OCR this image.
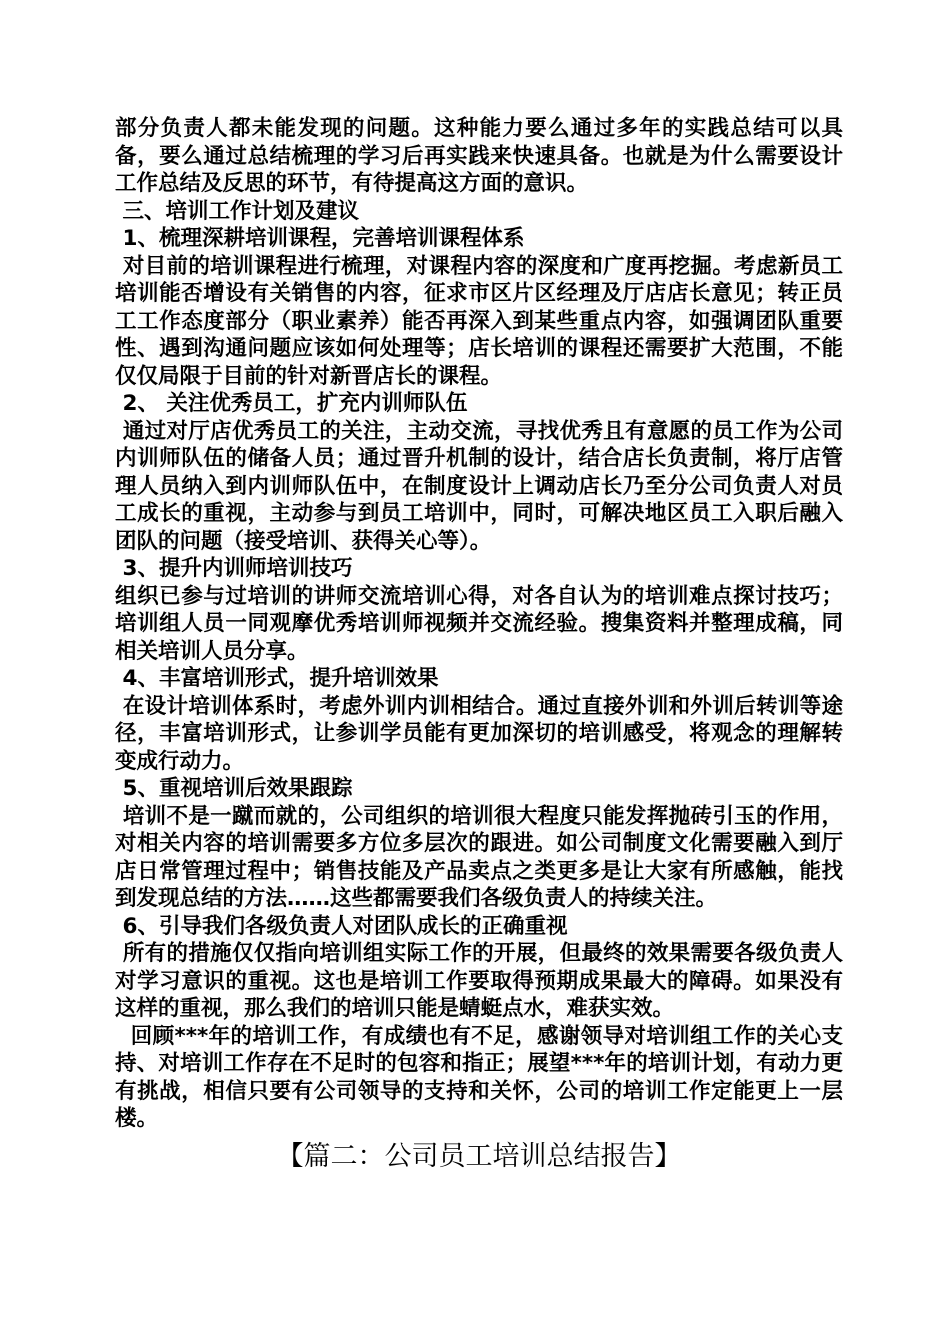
部分负责人都未能发现的问题。这种能力要么通过多年的实践总结可以具备，要么通过总结梳理的学习后再实践来快速具备。也就是为什么需要设计工作总结及反思的环节，有待提高这方面的意识。

三、培训工作计划及建议

1、梳理深耕培训课程，完善培训课程体系

对目前的培训课程进行梳理，对课程内容的深度和广度再挖掘。考虑新员工培训能否增设有关销售的内容，征求市区片区经理及厅店店长意见；转正员工工作态度部分（职业素养）能否再深入到某些重点内容，如强调团队重要性、遇到沟通问题应该如何处理等；店长培训的课程还需要扩大范围，不能仅仅局限于目前的针对新晋店长的课程。

2、 关注优秀员工，扩充内训师队伍

通过对厅店优秀员工的关注，主动交流，寻找优秀且有意愿的员工作为公司内训师队伍的储备人员；通过晋升机制的设计，结合店长负责制，将厅店管理人员纳入到内训师队伍中，在制度设计上调动店长乃至分公司负责人对员工成长的重视，主动参与到员工培训中，同时，可解决地区员工入职后融入团队的问题（接受培训、获得关心等）。

3、提升内训师培训技巧

组织已参与过培训的讲师交流培训心得，对各自认为的培训难点探讨技巧；培训组人员一同观摩优秀培训师视频并交流经验。搜集资料并整理成稿，同相关培训人员分享。

4、丰富培训形式，提升培训效果

在设计培训体系时，考虑外训内训相结合。通过直接外训和外训后转训等途径，丰富培训形式，让参训学员能有更加深切的培训感受，将观念的理解转变成行动力。

5、重视培训后效果跟踪

培训不是一蹴而就的，公司组织的培训很大程度只能发挥抛砖引玉的作用，对相关内容的培训需要多方位多层次的跟进。如公司制度文化需要融入到厅店日常管理过程中；销售技能及产品卖点之类更多是让大家有所感触，能找到发现总结的方法……这些都需要我们各级负责人的持续关注。

6、引导我们各级负责人对团队成长的正确重视

所有的措施仅仅指向培训组实际工作的开展，但最终的效果需要各级负责人对学习意识的重视。这也是培训工作要取得预期成果最大的障碍。如果没有这样的重视，那么我们的培训只能是蜻蜓点水，难获实效。

回顾***年的培训工作，有成绩也有不足，感谢领导对培训组工作的关心支持、对培训工作存在不足时的包容和指正；展望***年的培训计划，有动力更有挑战，相信只要有公司领导的支持和关怀，公司的培训工作定能更上一层楼。

【篇二：公司员工培训总结报告】
